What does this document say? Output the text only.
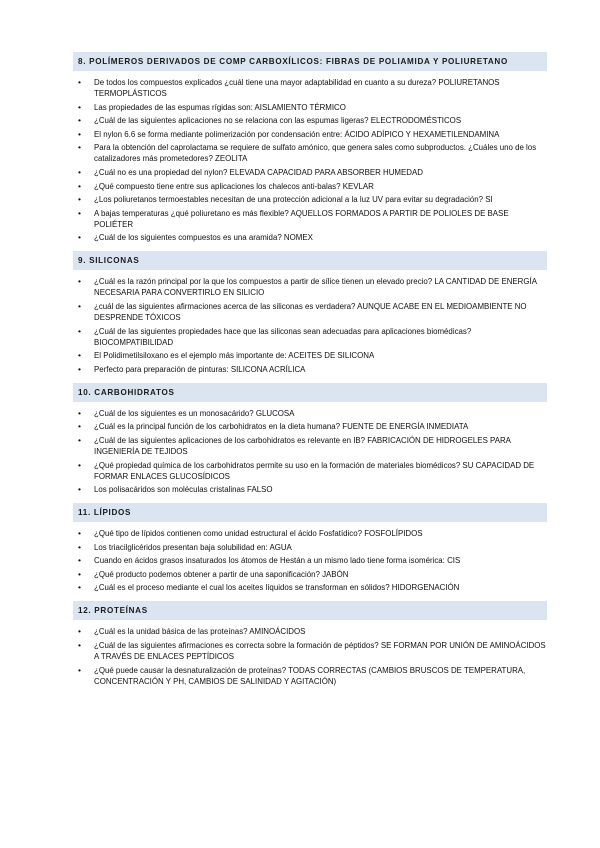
8. POLÍMEROS DERIVADOS DE COMP CARBOXÍLICOS: FIBRAS DE POLIAMIDA Y POLIURETANO
• De todos los compuestos explicados ¿cuál tiene una mayor adaptabilidad en cuanto a su dureza? POLIURETANOS TERMOPLÁSTICOS
• Las propiedades de las espumas rígidas son: AISLAMIENTO TÉRMICO
• ¿Cuál de las siguientes aplicaciones no se relaciona con las espumas ligeras? ELECTRODOMÉSTICOS
• El nylon 6.6 se forma mediante polimerización por condensación entre: ÁCIDO ADÍPICO Y HEXAMETILENDAMINA
• Para la obtención del caprolactama se requiere de sulfato amónico, que genera sales como subproductos. ¿Cuáles uno de los catalizadores más prometedores? ZEOLITA
• ¿Cuál no es una propiedad del nylon? ELEVADA CAPACIDAD PARA ABSORBER HUMEDAD
• ¿Qué compuesto tiene entre sus aplicaciones los chalecos anti-balas? KEVLAR
• ¿Los poliuretanos termoestables necesitan de una protección adicional a la luz UV para evitar su degradación? SI
• A bajas temperaturas ¿qué poliuretano es más flexible? AQUELLOS FORMADOS A PARTIR DE POLIOLES DE BASE POLIÉTER
• ¿Cuál de los siguientes compuestos es una aramida? NOMEX
9. SILICONAS
• ¿Cuál es la razón principal por la que los compuestos a partir de sílice tienen un elevado precio? LA CANTIDAD DE ENERGÍA NECESARIA PARA CONVERTIRLO EN SILICIO
• ¿cuál de las siguientes afirmaciones acerca de las siliconas es verdadera? AUNQUE ACABE EN EL MEDIOAMBIENTE NO DESPRENDE TÓXICOS
• ¿Cuál de las siguientes propiedades hace que las siliconas sean adecuadas para aplicaciones biomédicas? BIOCOMPATIBILIDAD
• El Polidimetilsiloxano es el ejemplo más importante de: ACEITES DE SILICONA
• Perfecto para preparación de pinturas: SILICONA ACRÍLICA
10. CARBOHIDRATOS
• ¿Cuál de los siguientes es un monosacárido? GLUCOSA
• ¿Cuál es la principal función de los carbohidratos en la dieta humana? FUENTE DE ENERGÍA INMEDIATA
• ¿Cuál de las siguientes aplicaciones de los carbohidratos es relevante en IB? FABRICACIÓN DE HIDROGELES PARA INGENIERÍA DE TEJIDOS
• ¿Qué propiedad química de los carbohidratos permite su uso en la formación de materiales biomédicos? SU CAPACIDAD DE FORMAR ENLACES GLUCOSÍDICOS
• Los polisacáridos son moléculas cristalinas FALSO
11. LÍPIDOS
• ¿Qué tipo de lípidos contienen como unidad estructural el ácido Fosfatídico? FOSFOLÍPIDOS
• Los triacilglicéridos presentan baja solubilidad en: AGUA
• Cuando en ácidos grasos insaturados los átomos de Hestán a un mismo lado tiene forma isomérica: CIS
• ¿Qué producto podemos obtener a partir de una saponificación? JABÓN
• ¿Cuál es el proceso mediante el cual los aceites líquidos se transforman en sólidos? HIDORGENACIÓN
12. PROTEÍNAS
• ¿Cuál es la unidad básica de las proteínas? AMINOÁCIDOS
• ¿Cuál de las siguientes afirmaciones es correcta sobre la formación de péptidos? SE FORMAN POR UNIÓN DE AMINOÁCIDOS A TRAVÉS DE ENLACES PEPTÍDICOS
• ¿Qué puede causar la desnaturalización de proteínas? TODAS CORRECTAS (CAMBIOS BRUSCOS DE TEMPERATURA, CONCENTRACIÓN Y PH, CAMBIOS DE SALINIDAD Y AGITACIÓN)
